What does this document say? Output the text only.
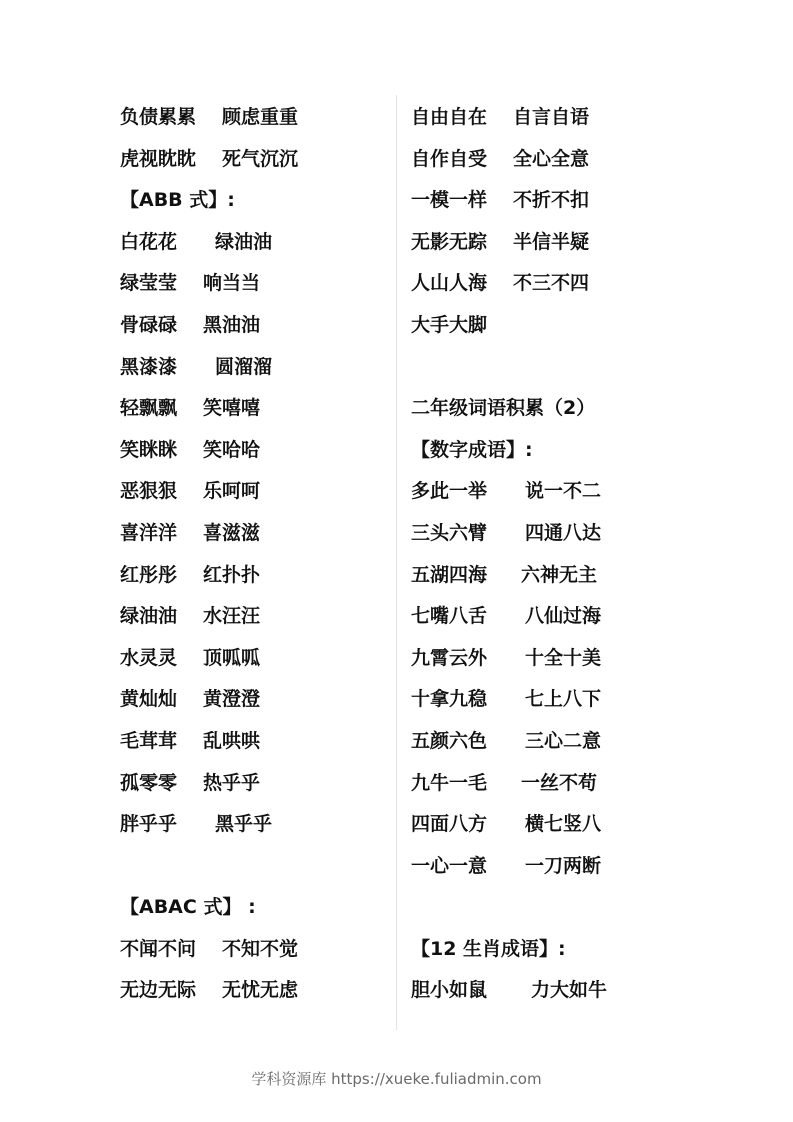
负债累累 顾虑重重
虎视眈眈 死气沉沉
【ABB 式】:
白花花 绿油油
绿莹莹 响当当
骨碌碌 黑油油
黑漆漆 圆溜溜
轻飘飘 笑嘻嘻
笑眯眯 笑哈哈
恶狠狠 乐呵呵
喜洋洋 喜滋滋
红彤彤 红扑扑
绿油油 水汪汪
水灵灵 顶呱呱
黄灿灿 黄澄澄
毛茸茸 乱哄哄
孤零零 热乎乎
胖乎乎 黑乎乎
【ABAC 式】 :
不闻不问 不知不觉
无边无际 无忧无虑
自由自在 自言自语
自作自受 全心全意
一模一样 不折不扣
无影无踪 半信半疑
人山人海 不三不四
大手大脚
二年级词语积累（2）
【数字成语】:
多此一举 说一不二
三头六臂 四通八达
五湖四海 六神无主
七嘴八舌 八仙过海
九霄云外 十全十美
十拿九稳 七上八下
五颜六色 三心二意
九牛一毛 一丝不苟
四面八方 横七竖八
一心一意 一刀两断
【12 生肖成语】:
胆小如鼠 力大如牛
学科资源库 https://xueke.fuliadmin.com
